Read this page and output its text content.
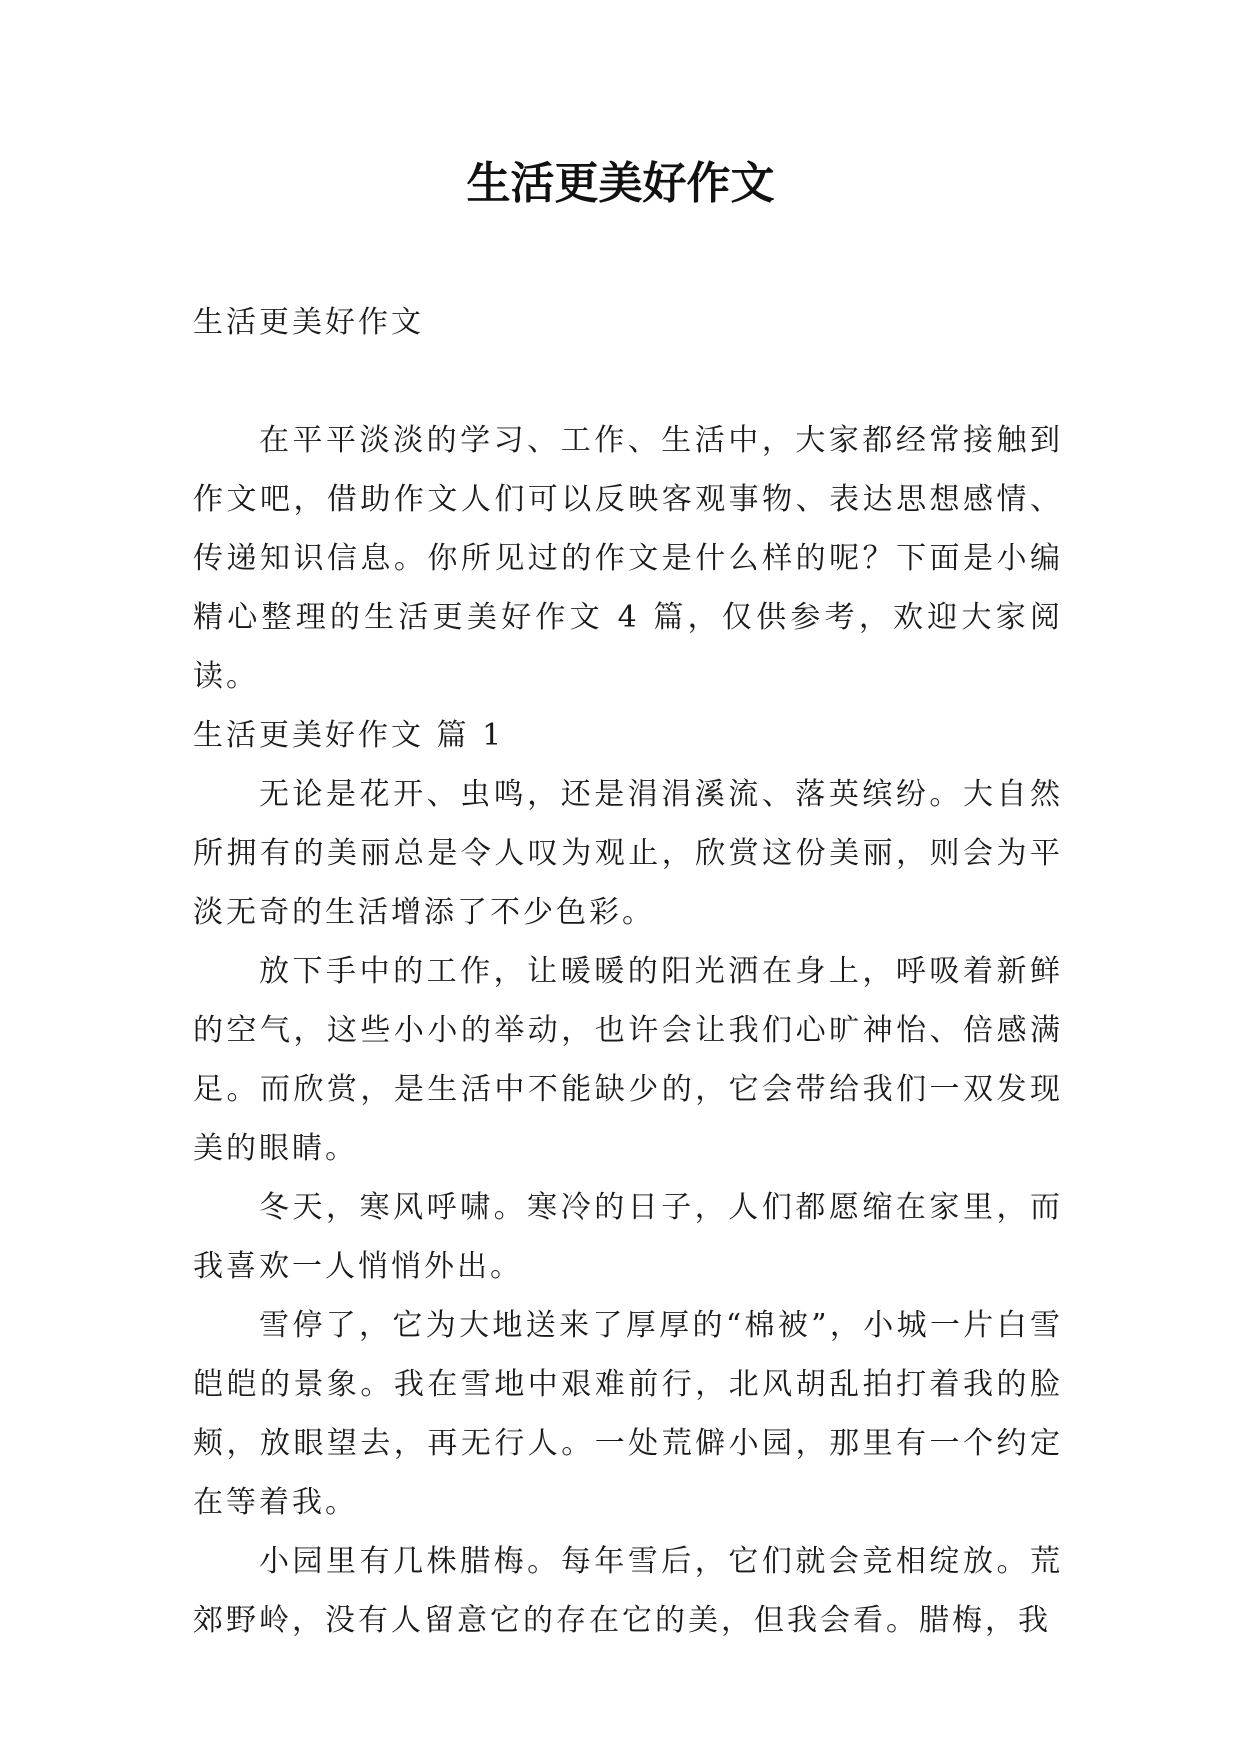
生活更美好作文

生活更美好作文

在平平淡淡的学习、工作、生活中，大家都经常接触到作文吧，借助作文人们可以反映客观事物、表达思想感情、传递知识信息。你所见过的作文是什么样的呢？下面是小编精心整理的生活更美好作文 4 篇，仅供参考，欢迎大家阅读。

生活更美好作文 篇 1

无论是花开、虫鸣，还是涓涓溪流、落英缤纷。大自然所拥有的美丽总是令人叹为观止，欣赏这份美丽，则会为平淡无奇的生活增添了不少色彩。

放下手中的工作，让暖暖的阳光洒在身上，呼吸着新鲜的空气，这些小小的举动，也许会让我们心旷神怡、倍感满足。而欣赏，是生活中不能缺少的，它会带给我们一双发现美的眼睛。

冬天，寒风呼啸。寒冷的日子，人们都愿缩在家里，而我喜欢一人悄悄外出。

雪停了，它为大地送来了厚厚的“棉被”，小城一片白雪皑皑的景象。我在雪地中艰难前行，北风胡乱拍打着我的脸颊，放眼望去，再无行人。一处荒僻小园，那里有一个约定在等着我。

小园里有几株腊梅。每年雪后，它们就会竞相绽放。荒郊野岭，没有人留意它的存在它的美，但我会看。腊梅，我
